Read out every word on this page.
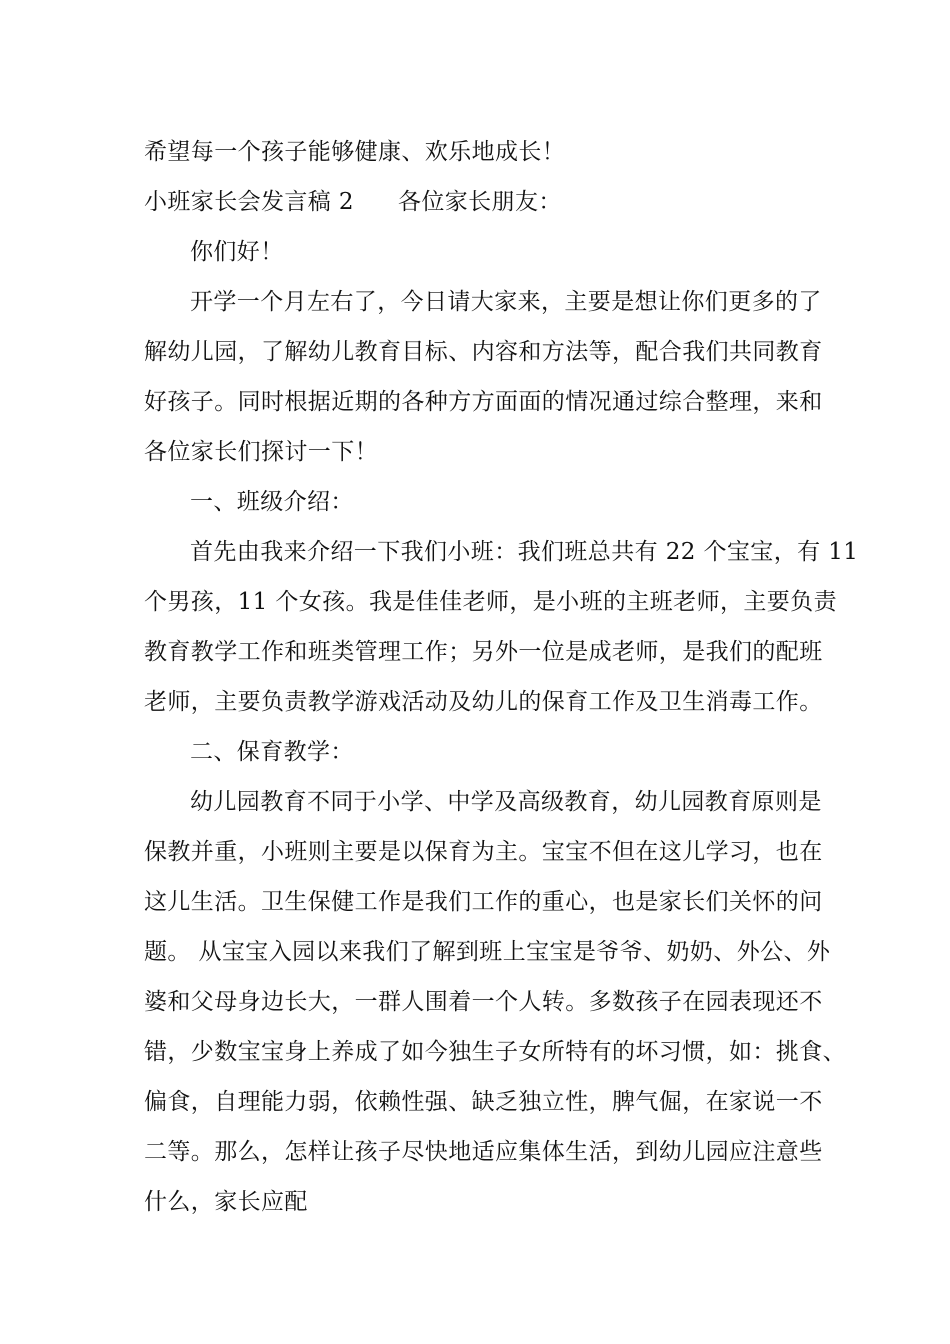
希望每一个孩子能够健康、欢乐地成长！
小班家长会发言稿 2 各位家长朋友：
你们好！
开学一个月左右了，今日请大家来，主要是想让你们更多的了
解幼儿园，了解幼儿教育目标、内容和方法等，配合我们共同教育
好孩子。同时根据近期的各种方方面面的情况通过综合整理，来和
各位家长们探讨一下！
一、班级介绍：
首先由我来介绍一下我们小班：我们班总共有 22 个宝宝，有 11
个男孩，11 个女孩。我是佳佳老师，是小班的主班老师，主要负责
教育教学工作和班类管理工作；另外一位是成老师，是我们的配班
老师，主要负责教学游戏活动及幼儿的保育工作及卫生消毒工作。
二、保育教学：
幼儿园教育不同于小学、中学及高级教育，幼儿园教育原则是
保教并重，小班则主要是以保育为主。宝宝不但在这儿学习，也在
这儿生活。卫生保健工作是我们工作的重心，也是家长们关怀的问
题。 从宝宝入园以来我们了解到班上宝宝是爷爷、奶奶、外公、外
婆和父母身边长大，一群人围着一个人转。多数孩子在园表现还不
错，少数宝宝身上养成了如今独生子女所特有的坏习惯，如：挑食、
偏食，自理能力弱，依赖性强、缺乏独立性，脾气倔，在家说一不
二等。那么，怎样让孩子尽快地适应集体生活，到幼儿园应注意些
什么，家长应配
